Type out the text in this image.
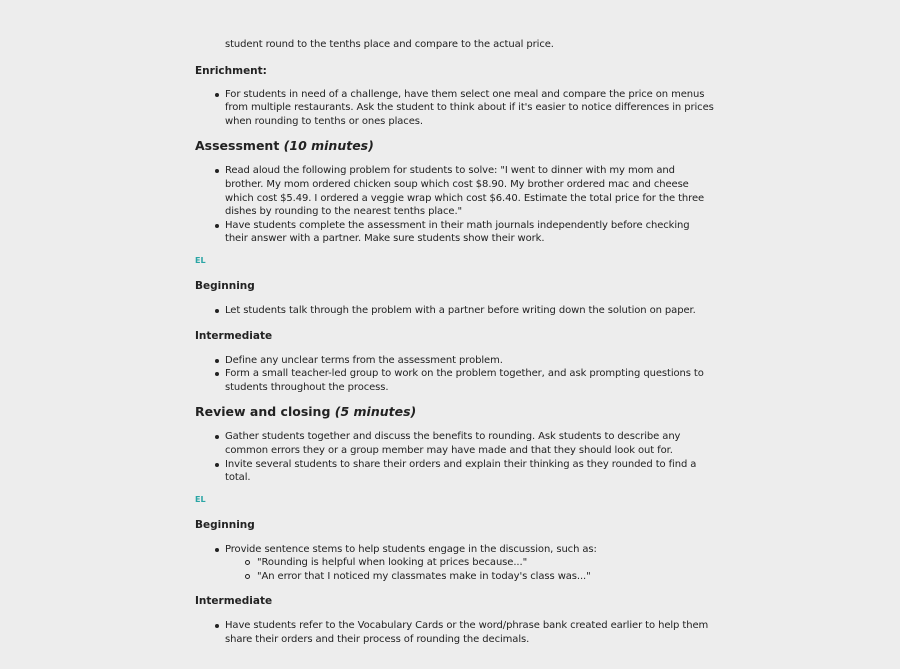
student round to the tenths place and compare to the actual price.

Enrichment:
For students in need of a challenge, have them select one meal and compare the price on menus from multiple restaurants. Ask the student to think about if it's easier to notice differences in prices when rounding to tenths or ones places.
Assessment (10 minutes)
Read aloud the following problem for students to solve: "I went to dinner with my mom and brother. My mom ordered chicken soup which cost $8.90. My brother ordered mac and cheese which cost $5.49. I ordered a veggie wrap which cost $6.40. Estimate the total price for the three dishes by rounding to the nearest tenths place."
Have students complete the assessment in their math journals independently before checking their answer with a partner. Make sure students show their work.

EL

Beginning
Let students talk through the problem with a partner before writing down the solution on paper.
Intermediate
Define any unclear terms from the assessment problem.
Form a small teacher-led group to work on the problem together, and ask prompting questions to students throughout the process.
Review and closing (5 minutes)
Gather students together and discuss the benefits to rounding. Ask students to describe any common errors they or a group member may have made and that they should look out for.
Invite several students to share their orders and explain their thinking as they rounded to find a total.

EL

Beginning
Provide sentence stems to help students engage in the discussion, such as:
"Rounding is helpful when looking at prices because..."
"An error that I noticed my classmates make in today's class was..."
Intermediate
Have students refer to the Vocabulary Cards or the word/phrase bank created earlier to help them share their orders and their process of rounding the decimals.
